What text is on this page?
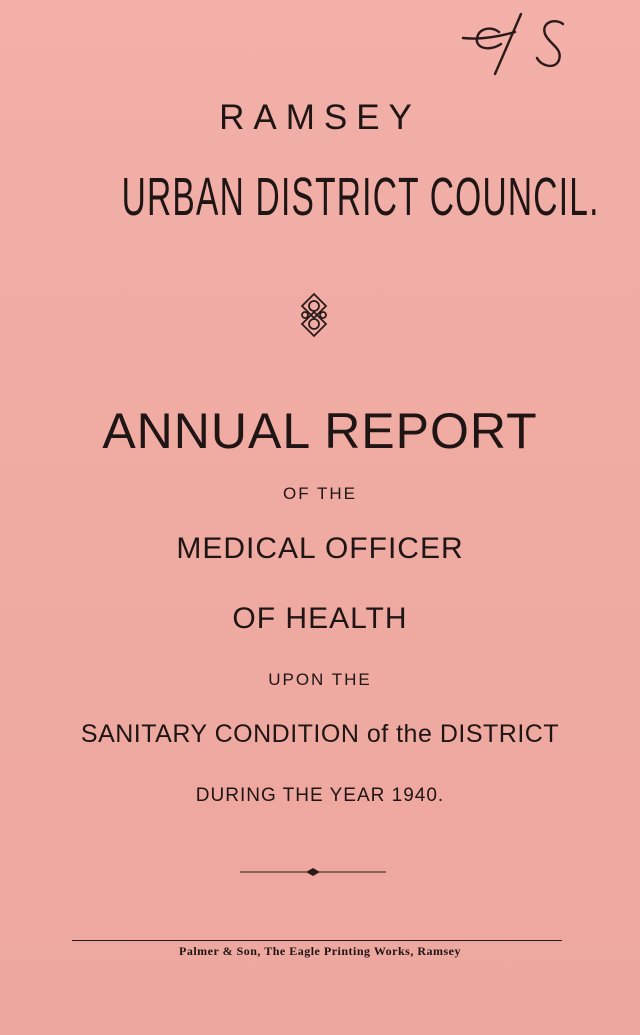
RAMSEY
URBAN DISTRICT COUNCIL.
ANNUAL REPORT
OF THE
MEDICAL OFFICER
OF HEALTH
UPON THE
SANITARY CONDITION of the DISTRICT
DURING THE YEAR 1940.
Palmer & Son, The Eagle Printing Works, Ramsey
